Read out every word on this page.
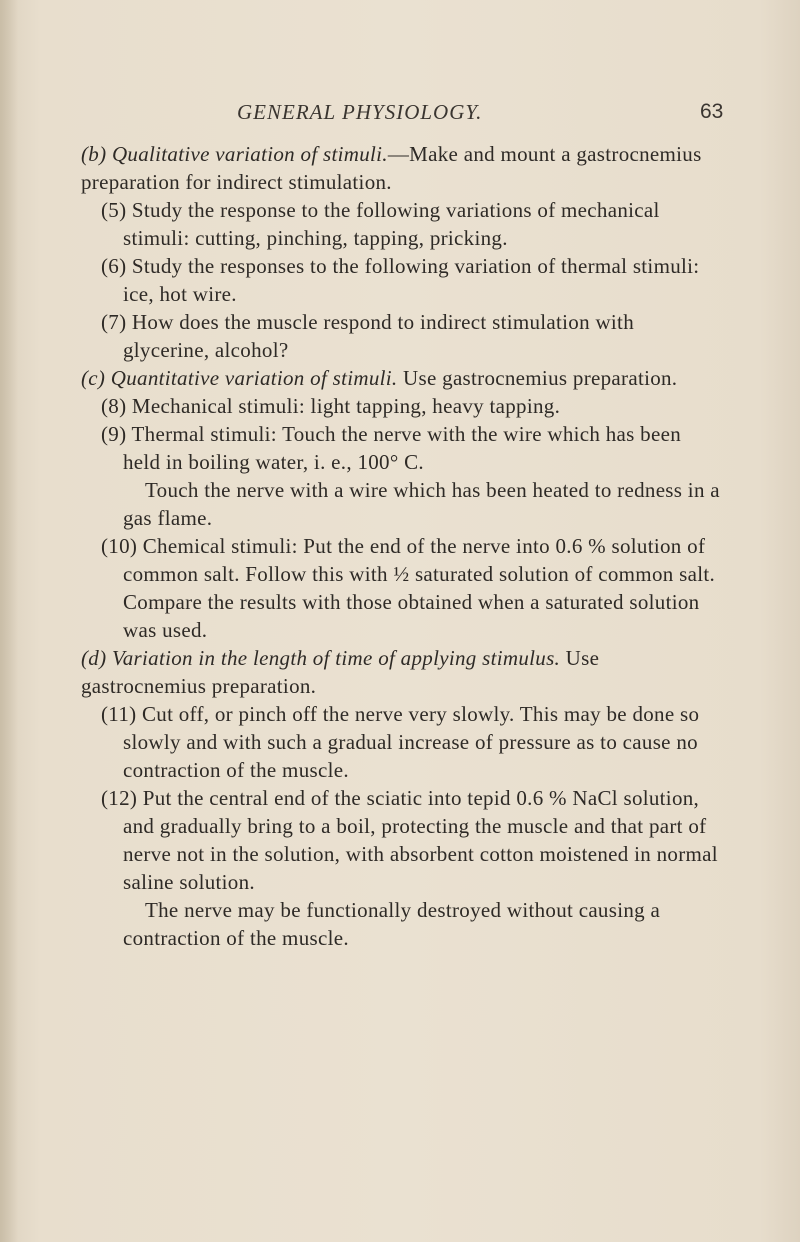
GENERAL PHYSIOLOGY.	63

(b) Qualitative variation of stimuli.—Make and mount a gastrocnemius preparation for indirect stimulation.

(5) Study the response to the following variations of mechanical stimuli: cutting, pinching, tapping, pricking.

(6) Study the responses to the following variation of thermal stimuli: ice, hot wire.

(7) How does the muscle respond to indirect stimulation with glycerine, alcohol?

(c) Quantitative variation of stimuli. Use gastrocnemius preparation.

(8) Mechanical stimuli: light tapping, heavy tapping.

(9) Thermal stimuli: Touch the nerve with the wire which has been held in boiling water, i. e., 100° C.

Touch the nerve with a wire which has been heated to redness in a gas flame.

(10) Chemical stimuli: Put the end of the nerve into 0.6 % solution of common salt. Follow this with ½ saturated solution of common salt. Compare the results with those obtained when a saturated solution was used.

(d) Variation in the length of time of applying stimulus. Use gastrocnemius preparation.

(11) Cut off, or pinch off the nerve very slowly. This may be done so slowly and with such a gradual increase of pressure as to cause no contraction of the muscle.

(12) Put the central end of the sciatic into tepid 0.6 % NaCl solution, and gradually bring to a boil, protecting the muscle and that part of nerve not in the solution, with absorbent cotton moistened in normal saline solution.

The nerve may be functionally destroyed without causing a contraction of the muscle.
